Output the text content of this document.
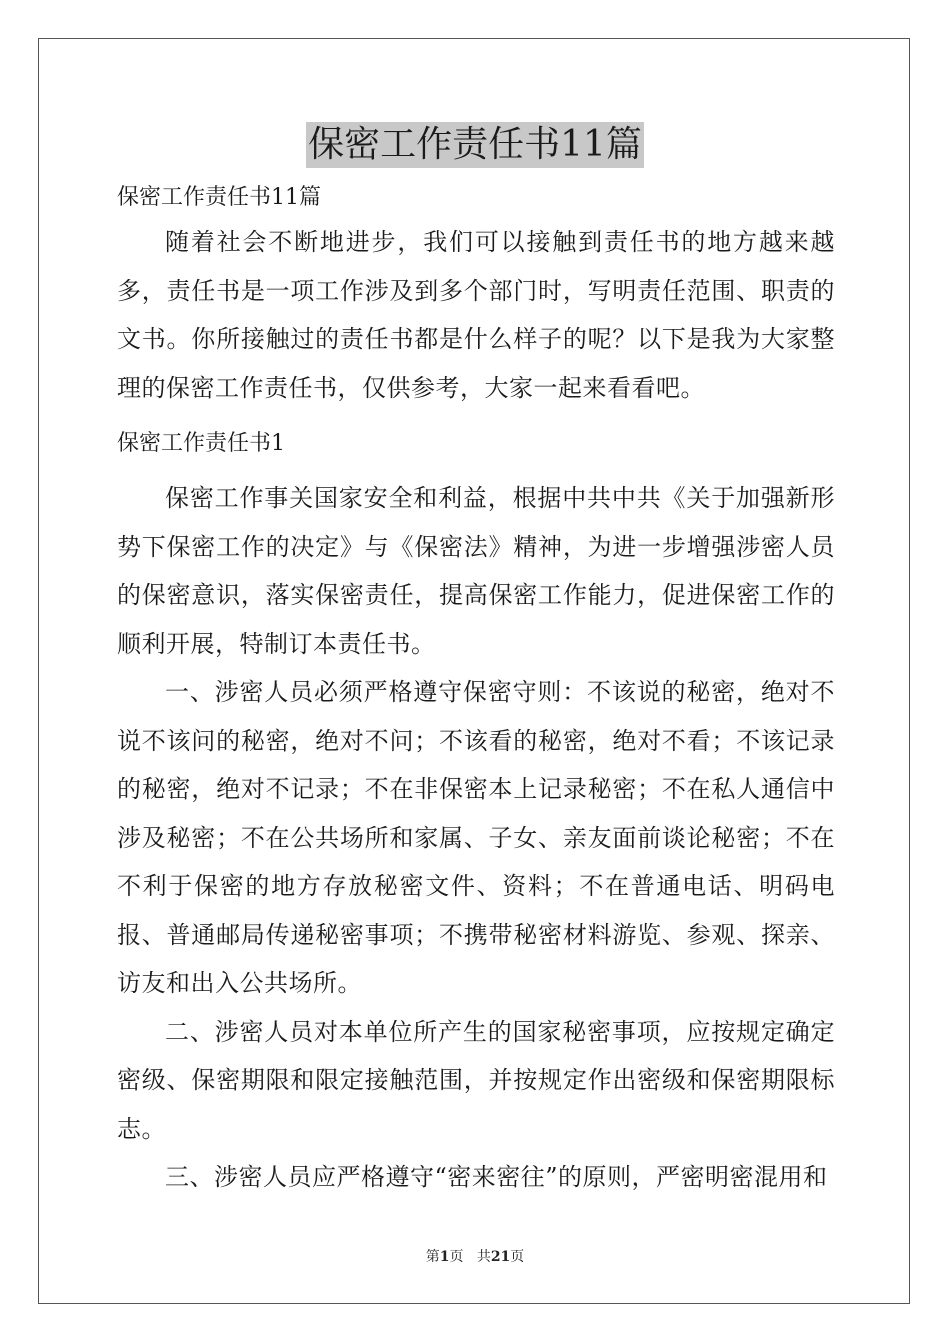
保密工作责任书11篇

保密工作责任书11篇

随着社会不断地进步，我们可以接触到责任书的地方越来越多，责任书是一项工作涉及到多个部门时，写明责任范围、职责的文书。你所接触过的责任书都是什么样子的呢？以下是我为大家整理的保密工作责任书，仅供参考，大家一起来看看吧。

保密工作责任书1

保密工作事关国家安全和利益，根据中共中共《关于加强新形势下保密工作的决定》与《保密法》精神，为进一步增强涉密人员的保密意识，落实保密责任，提高保密工作能力，促进保密工作的顺利开展，特制订本责任书。

一、涉密人员必须严格遵守保密守则：不该说的秘密，绝对不说不该问的秘密，绝对不问；不该看的秘密，绝对不看；不该记录的秘密，绝对不记录；不在非保密本上记录秘密；不在私人通信中涉及秘密；不在公共场所和家属、子女、亲友面前谈论秘密；不在不利于保密的地方存放秘密文件、资料；不在普通电话、明码电报、普通邮局传递秘密事项；不携带秘密材料游览、参观、探亲、访友和出入公共场所。

二、涉密人员对本单位所产生的国家秘密事项，应按规定确定密级、保密期限和限定接触范围，并按规定作出密级和保密期限标志。

三、涉密人员应严格遵守“密来密往”的原则，严密明密混用和

第1页 共21页
